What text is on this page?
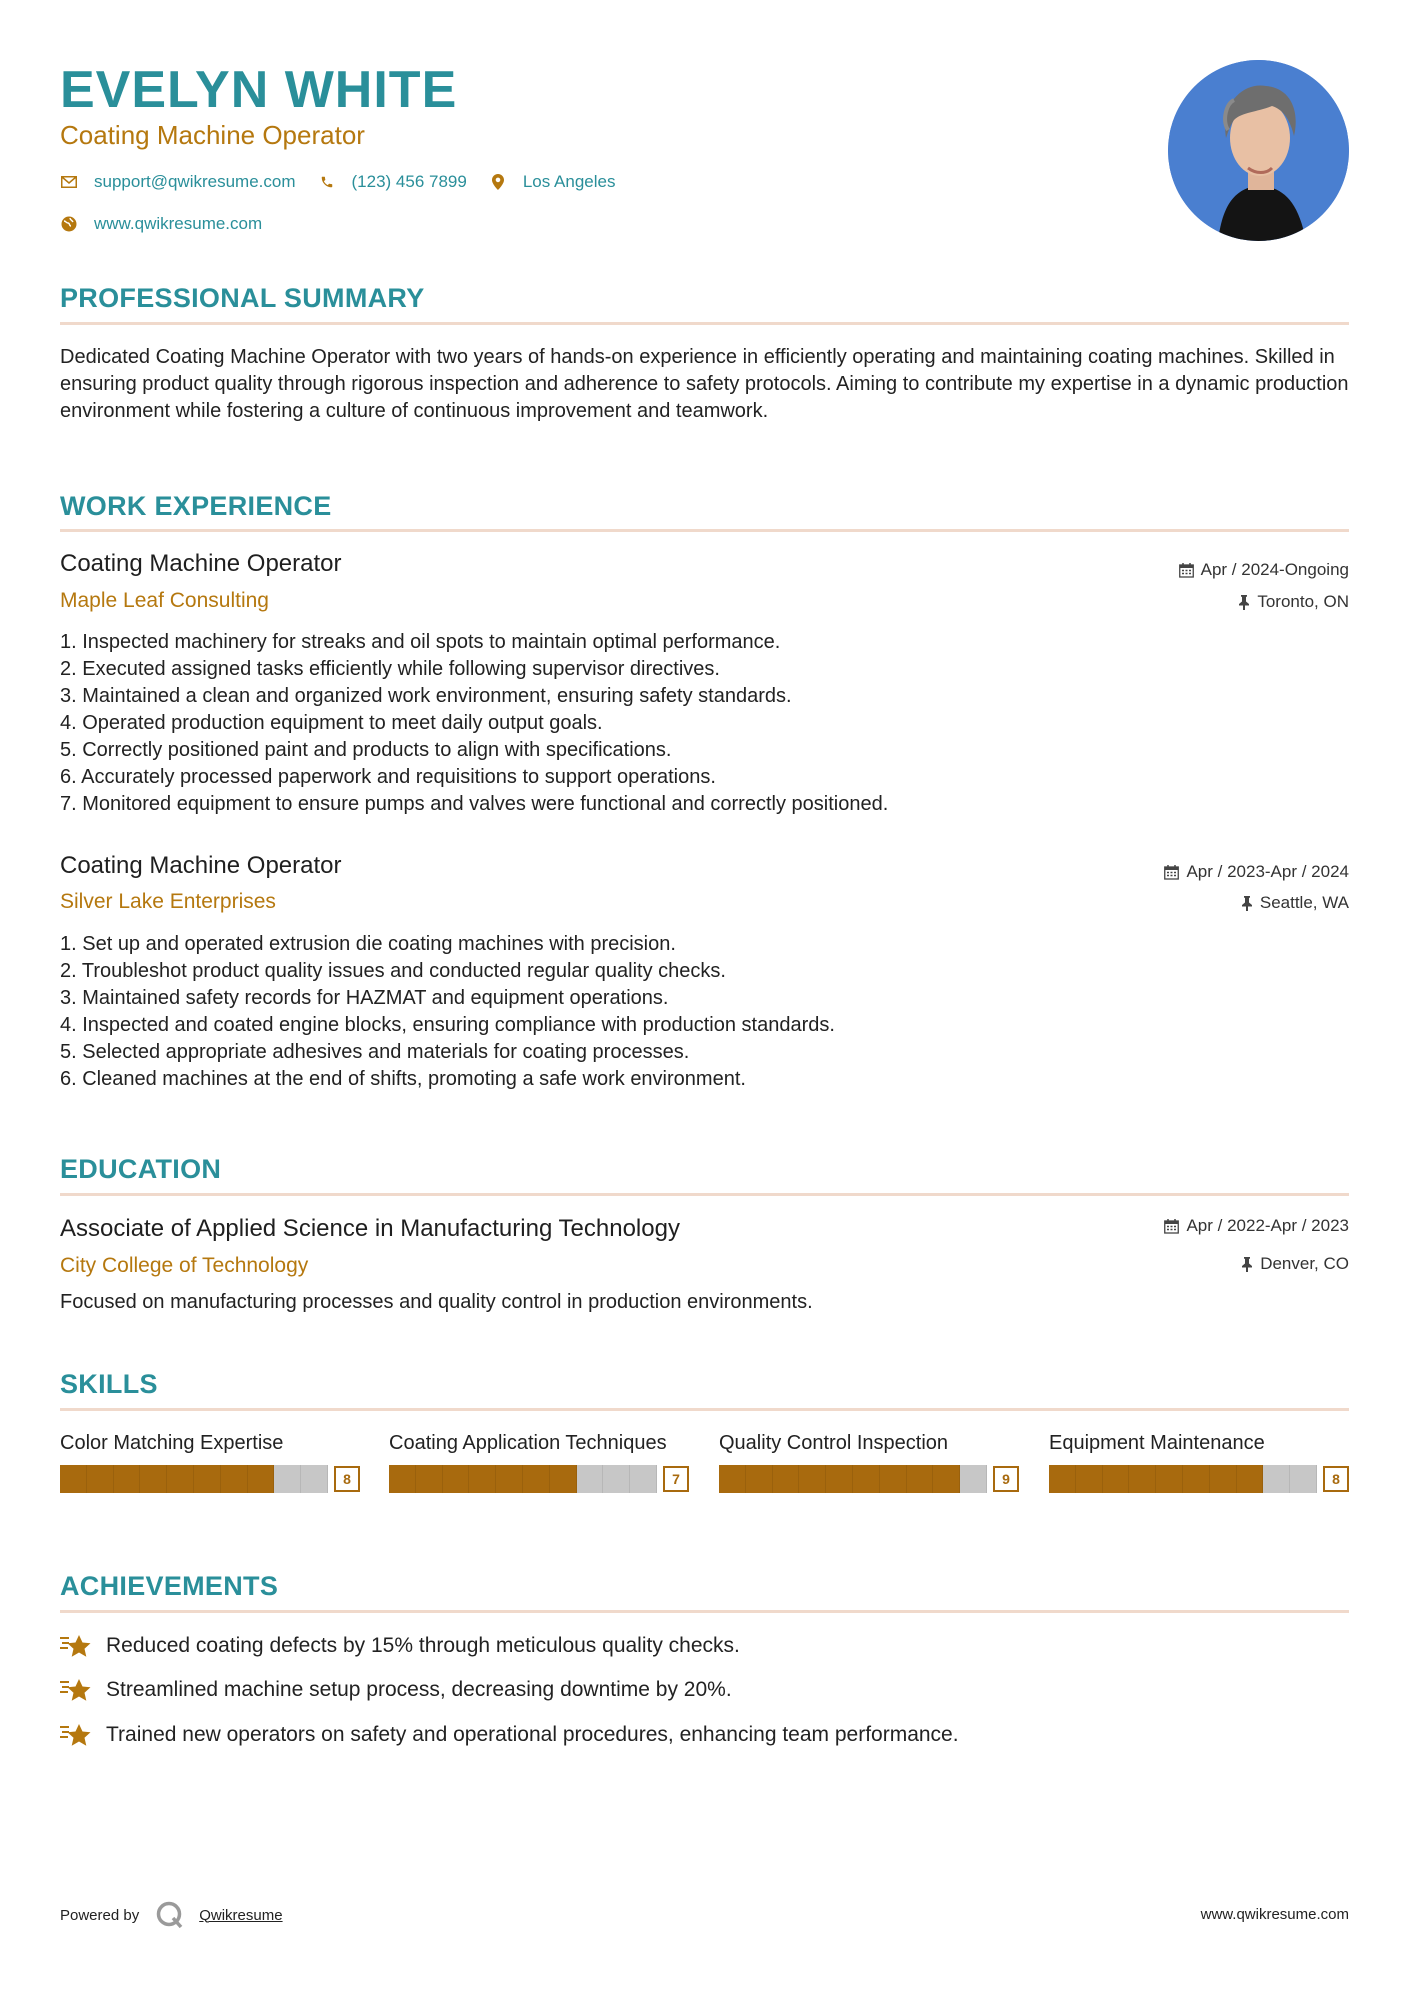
EVELYN WHITE
Coating Machine Operator
support@qwikresume.com	(123) 456 7899	Los Angeles
www.qwikresume.com
PROFESSIONAL SUMMARY
Dedicated Coating Machine Operator with two years of hands-on experience in efficiently operating and maintaining coating machines. Skilled in ensuring product quality through rigorous inspection and adherence to safety protocols. Aiming to contribute my expertise in a dynamic production environment while fostering a culture of continuous improvement and teamwork.
WORK EXPERIENCE
Coating Machine Operator
Maple Leaf Consulting
Apr / 2024-Ongoing
Toronto, ON
1. Inspected machinery for streaks and oil spots to maintain optimal performance.
2. Executed assigned tasks efficiently while following supervisor directives.
3. Maintained a clean and organized work environment, ensuring safety standards.
4. Operated production equipment to meet daily output goals.
5. Correctly positioned paint and products to align with specifications.
6. Accurately processed paperwork and requisitions to support operations.
7. Monitored equipment to ensure pumps and valves were functional and correctly positioned.
Coating Machine Operator
Silver Lake Enterprises
Apr / 2023-Apr / 2024
Seattle, WA
1. Set up and operated extrusion die coating machines with precision.
2. Troubleshot product quality issues and conducted regular quality checks.
3. Maintained safety records for HAZMAT and equipment operations.
4. Inspected and coated engine blocks, ensuring compliance with production standards.
5. Selected appropriate adhesives and materials for coating processes.
6. Cleaned machines at the end of shifts, promoting a safe work environment.
EDUCATION
Associate of Applied Science in Manufacturing Technology
City College of Technology
Apr / 2022-Apr / 2023
Denver, CO
Focused on manufacturing processes and quality control in production environments.
SKILLS
Color Matching Expertise
8
Coating Application Techniques
7
Quality Control Inspection
9
Equipment Maintenance
8
ACHIEVEMENTS
Reduced coating defects by 15% through meticulous quality checks.
Streamlined machine setup process, decreasing downtime by 20%.
Trained new operators on safety and operational procedures, enhancing team performance.
Powered by	Qwikresume	www.qwikresume.com
